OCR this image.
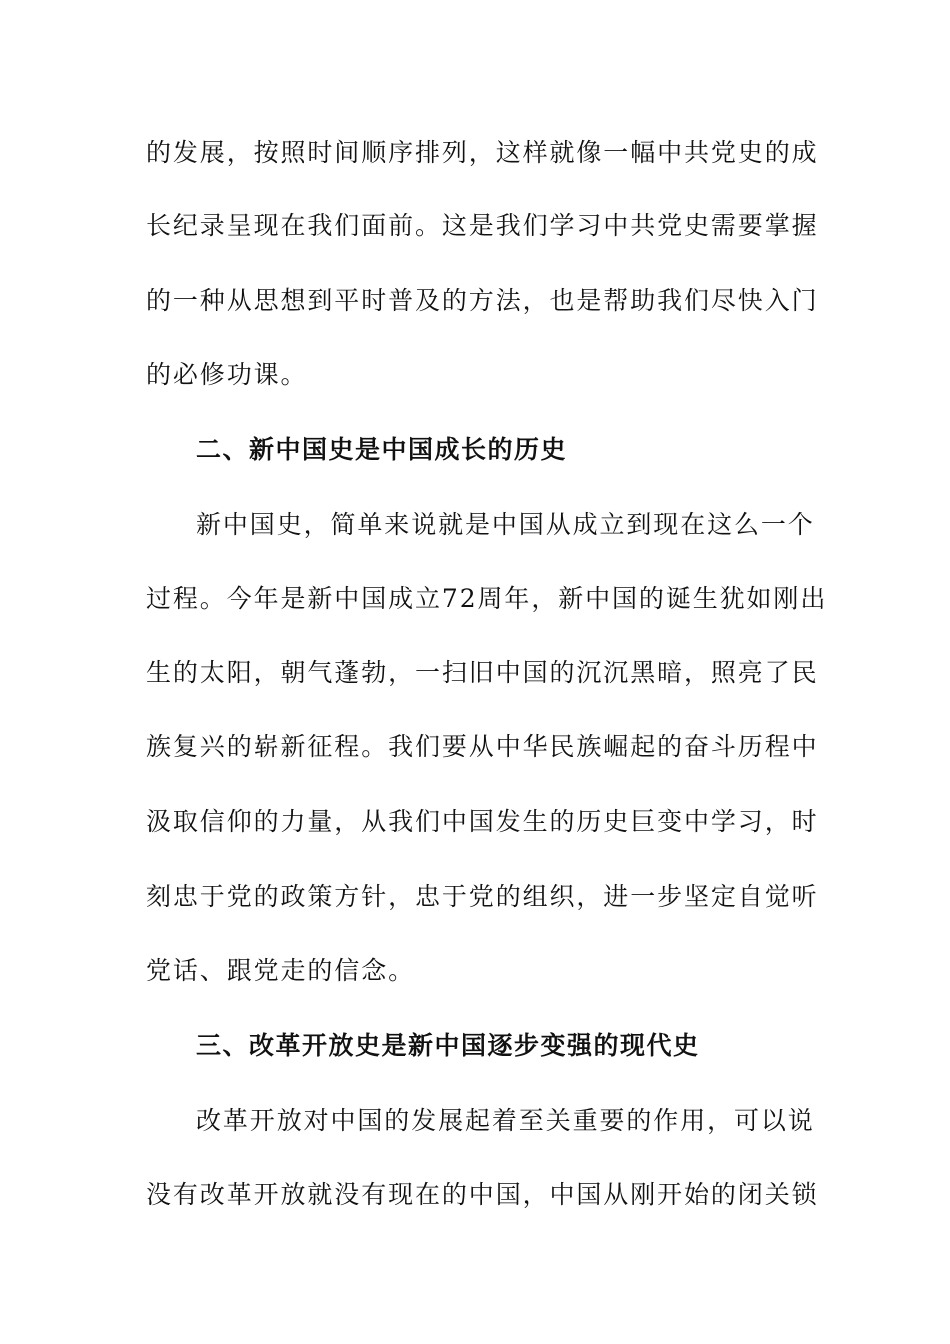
的发展，按照时间顺序排列，这样就像一幅中共党史的成
长纪录呈现在我们面前。这是我们学习中共党史需要掌握
的一种从思想到平时普及的方法，也是帮助我们尽快入门
的必修功课。
二、新中国史是中国成长的历史
新中国史，简单来说就是中国从成立到现在这么一个
过程。今年是新中国成立72周年，新中国的诞生犹如刚出
生的太阳，朝气蓬勃，一扫旧中国的沉沉黑暗，照亮了民
族复兴的崭新征程。我们要从中华民族崛起的奋斗历程中
汲取信仰的力量，从我们中国发生的历史巨变中学习，时
刻忠于党的政策方针，忠于党的组织，进一步坚定自觉听
党话、跟党走的信念。
三、改革开放史是新中国逐步变强的现代史
改革开放对中国的发展起着至关重要的作用，可以说
没有改革开放就没有现在的中国，中国从刚开始的闭关锁
